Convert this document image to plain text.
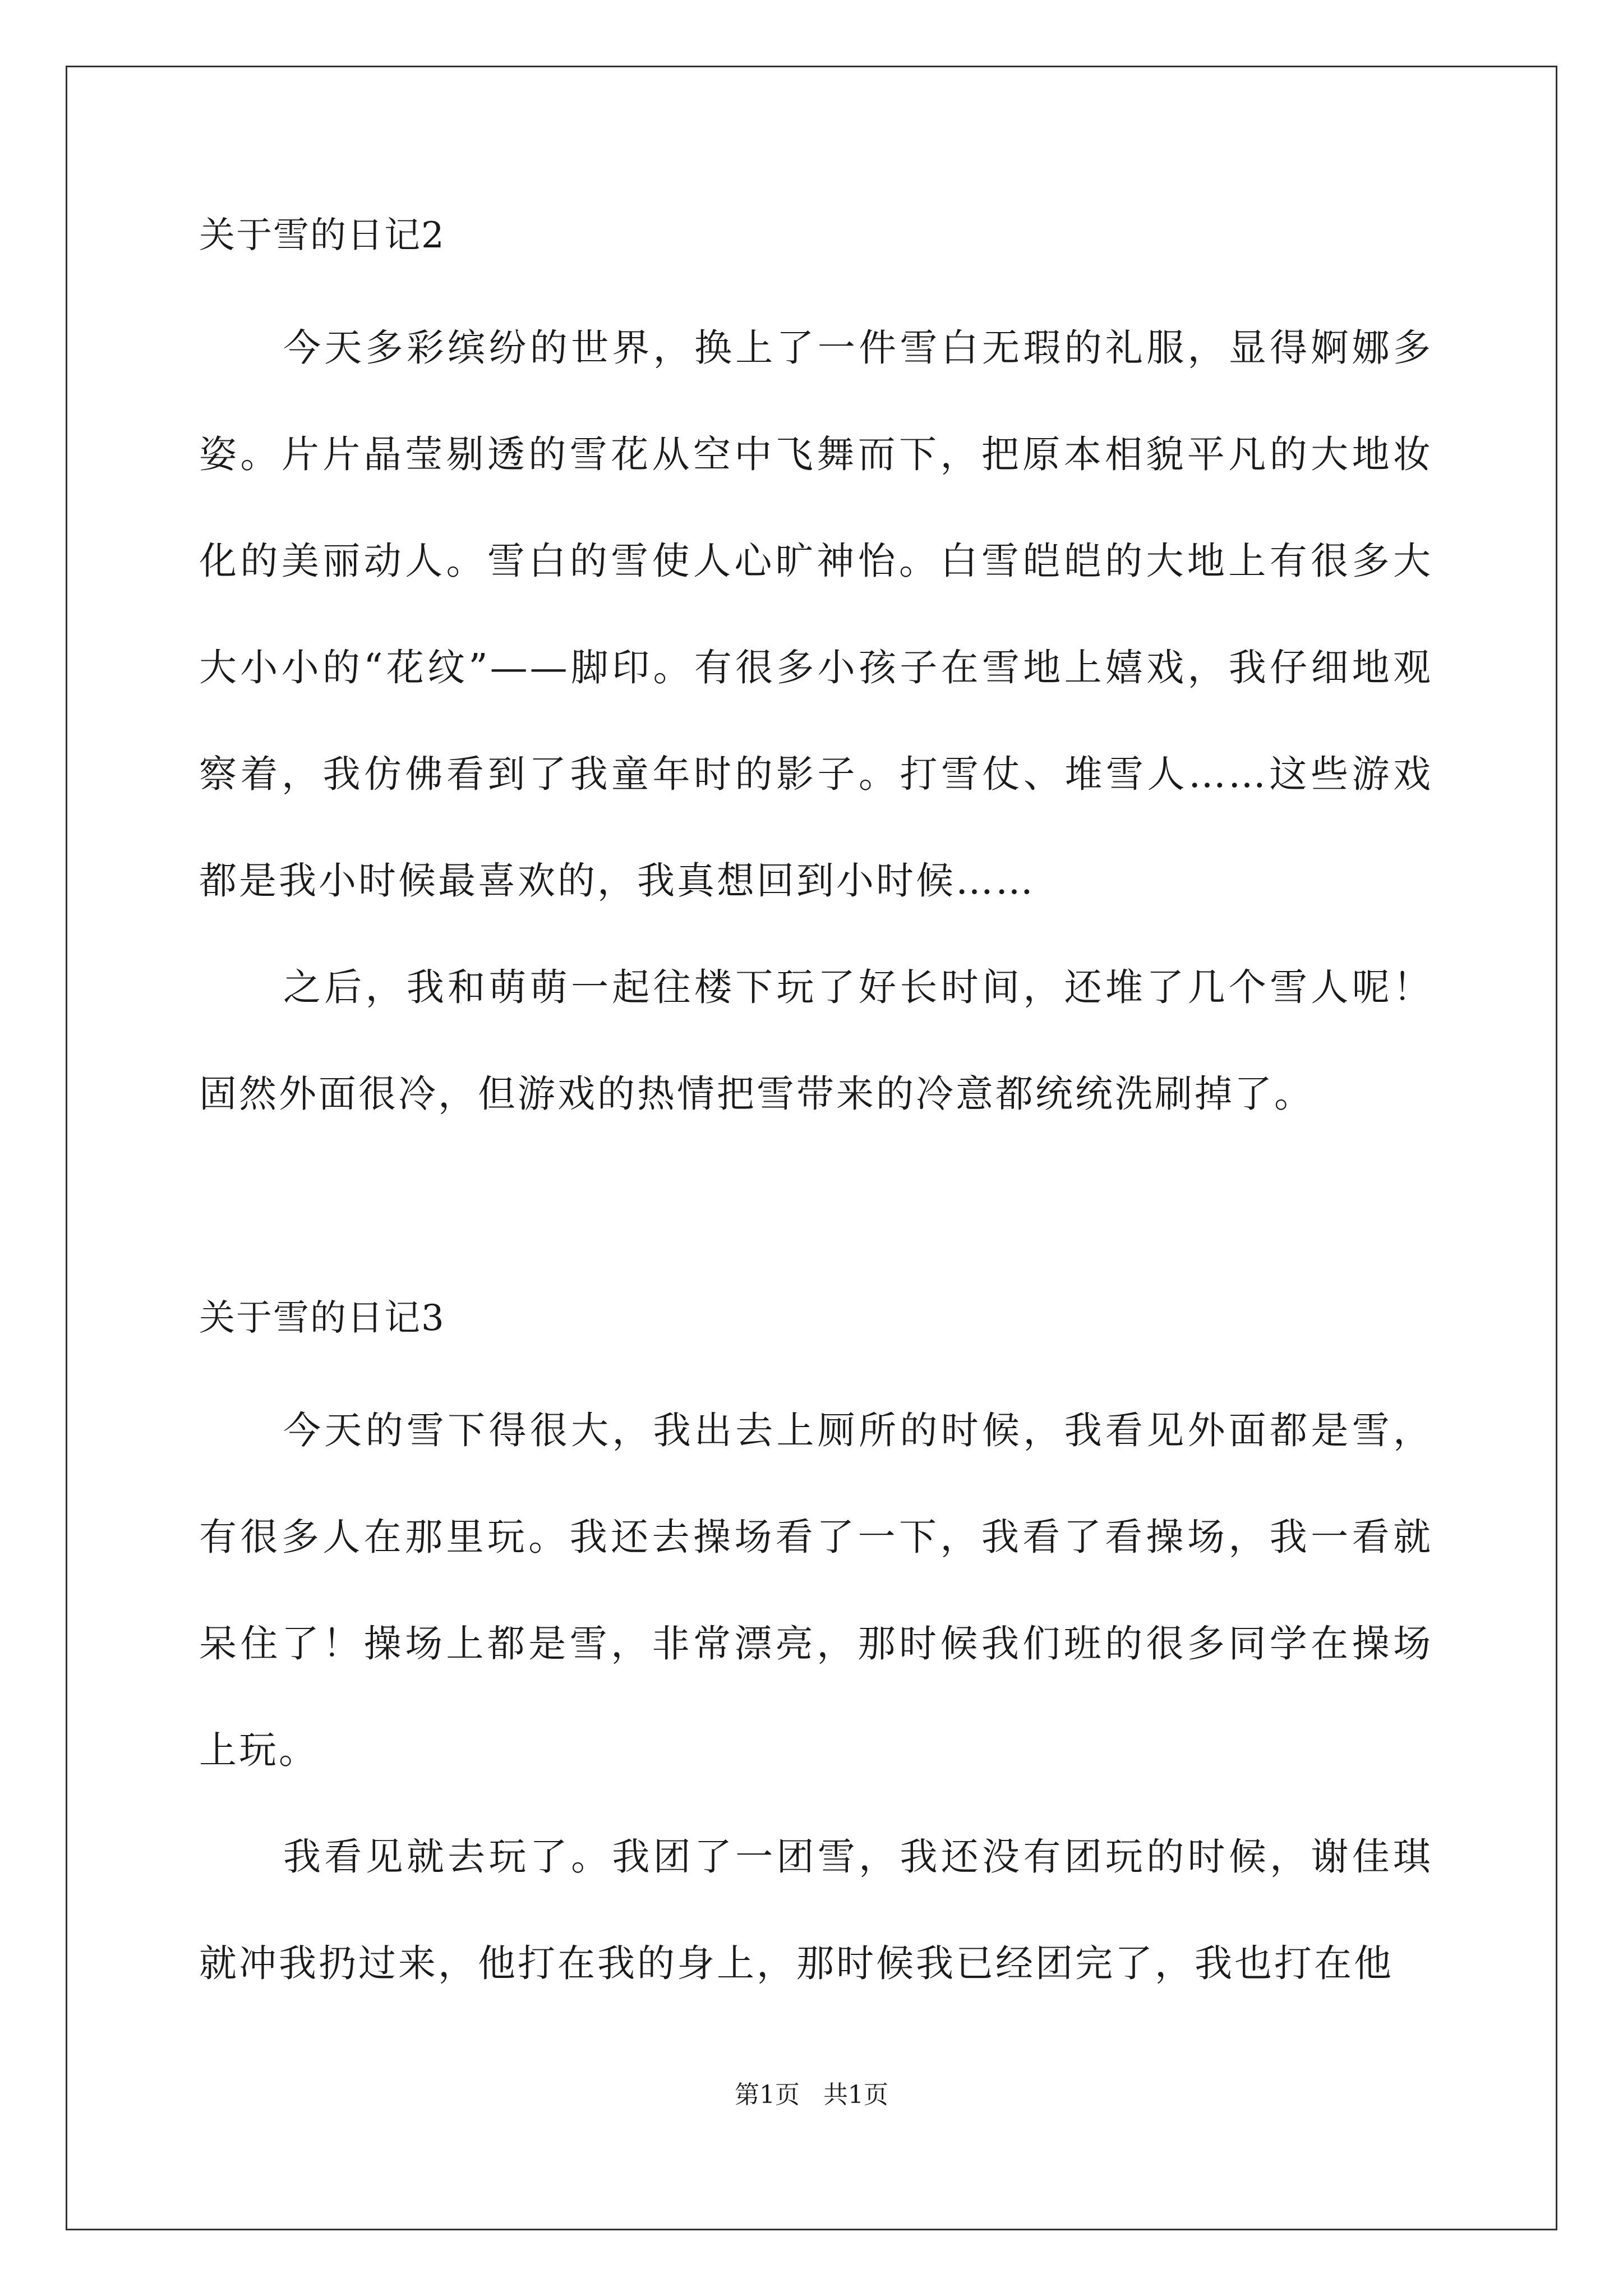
关于雪的日记2

今天多彩缤纷的世界，换上了一件雪白无瑕的礼服，显得婀娜多姿。片片晶莹剔透的雪花从空中飞舞而下，把原本相貌平凡的大地妆化的美丽动人。雪白的雪使人心旷神怡。白雪皑皑的大地上有很多大大小小的“花纹”——脚印。有很多小孩子在雪地上嬉戏，我仔细地观察着，我仿佛看到了我童年时的影子。打雪仗、堆雪人……这些游戏都是我小时候最喜欢的，我真想回到小时候……

之后，我和萌萌一起往楼下玩了好长时间，还堆了几个雪人呢！固然外面很冷，但游戏的热情把雪带来的冷意都统统洗刷掉了。

关于雪的日记3

今天的雪下得很大，我出去上厕所的时候，我看见外面都是雪，有很多人在那里玩。我还去操场看了一下，我看了看操场，我一看就呆住了！操场上都是雪，非常漂亮，那时候我们班的很多同学在操场上玩。

我看见就去玩了。我团了一团雪，我还没有团玩的时候，谢佳琪就冲我扔过来，他打在我的身上，那时候我已经团完了，我也打在他

第1页 共1页
